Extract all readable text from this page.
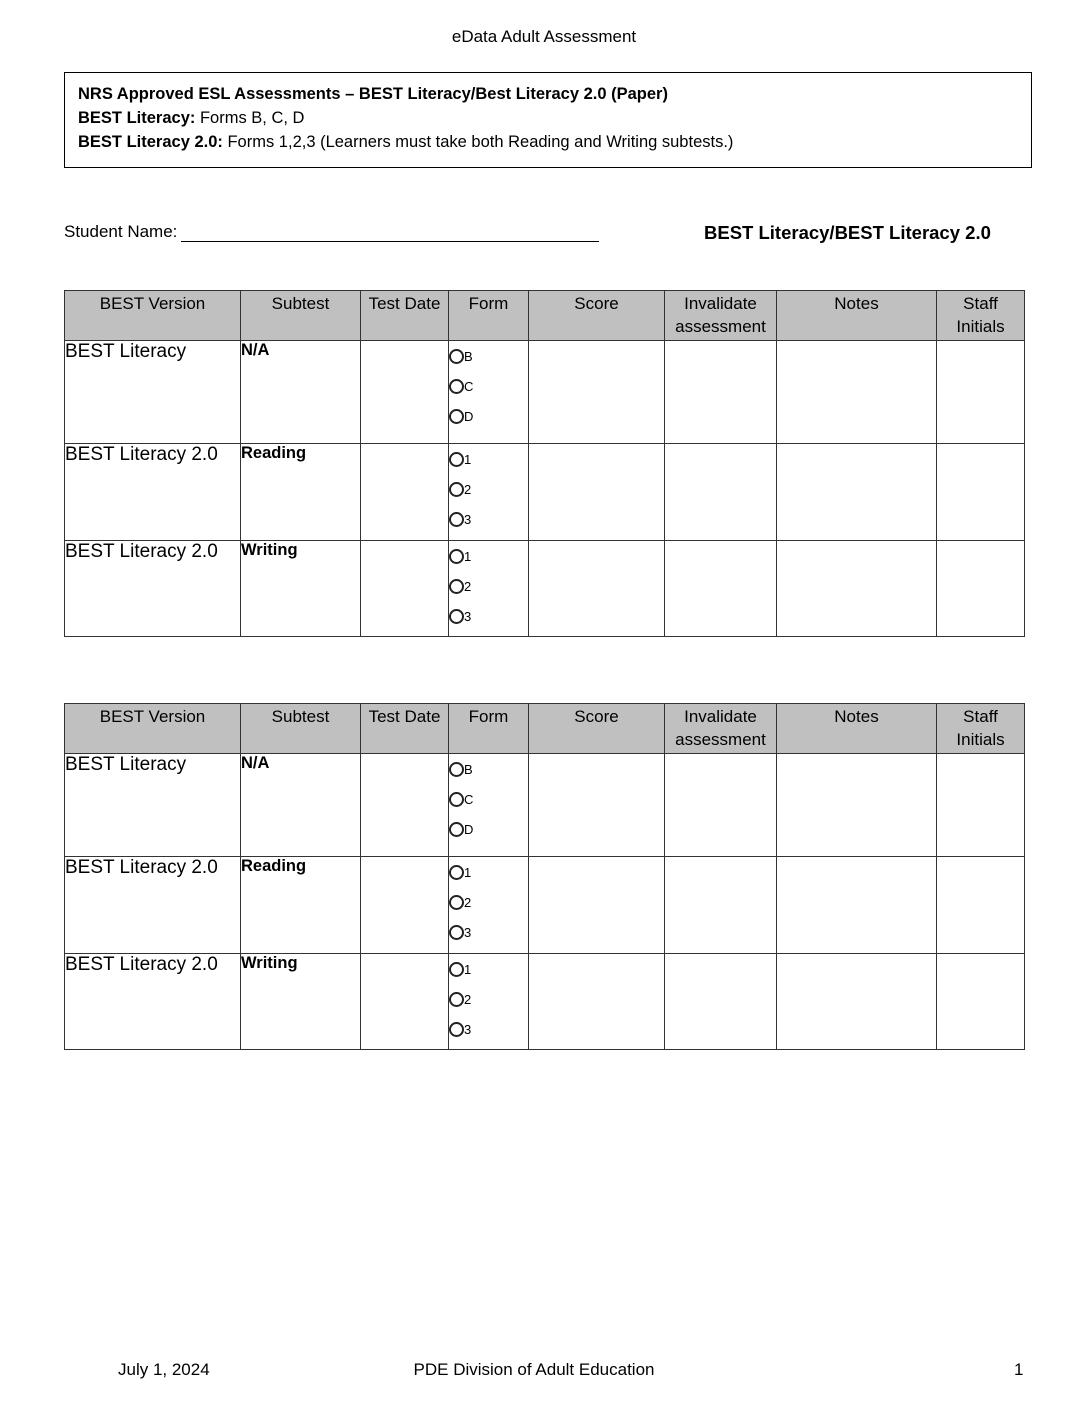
eData Adult Assessment
NRS Approved ESL Assessments – BEST Literacy/Best Literacy 2.0 (Paper)
BEST Literacy: Forms B, C, D
BEST Literacy 2.0: Forms 1,2,3 (Learners must take both Reading and Writing subtests.)
Student Name:	BEST Literacy/BEST Literacy 2.0
BEST Version	Subtest	Test Date	Form	Score	Invalidate assessment	Notes	Staff Initials
BEST Literacy	N/A		B
C
D				

BEST Literacy 2.0	Reading		1
2
3				

BEST Literacy 2.0	Writing		1
2
3				

BEST Version	Subtest	Test Date	Form	Score	Invalidate assessment	Notes	Staff Initials
BEST Literacy	N/A		B
C
D				

BEST Literacy 2.0	Reading		1
2
3				

BEST Literacy 2.0	Writing		1
2
3				

July 1, 2024	PDE Division of Adult Education	1
